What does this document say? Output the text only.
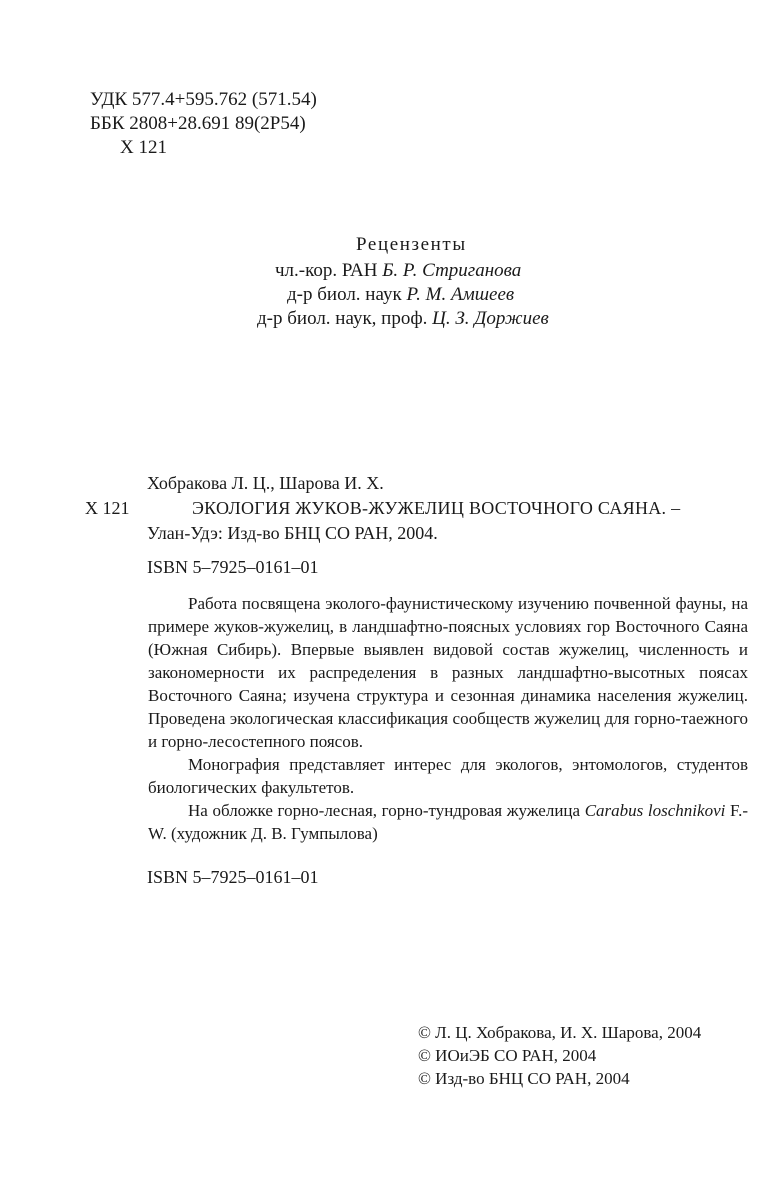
УДК 577.4+595.762 (571.54)
ББК 2808+28.691 89(2Р54)
Х 121
Рецензенты
чл.-кор. РАН Б. Р. Стриганова
д-р биол. наук Р. М. Амшеев
д-р биол. наук, проф. Ц. З. Доржиев
Хобракова Л. Ц., Шарова И. Х.
Х 121	ЭКОЛОГИЯ ЖУКОВ-ЖУЖЕЛИЦ ВОСТОЧНОГО САЯНА. –
Улан-Удэ: Изд-во БНЦ СО РАН, 2004.
ISBN 5–7925–0161–01

Работа посвящена эколого-фаунистическому изучению почвенной фауны, на примере жуков-жужелиц, в ландшафтно-поясных условиях гор Восточного Саяна (Южная Сибирь). Впервые выявлен видовой состав жужелиц, численность и закономерности их распределения в разных ландшафтно-высотных поясах Восточного Саяна; изучена структура и сезонная динамика населения жужелиц. Проведена экологическая классификация сообществ жужелиц для горно-таежного и горно-лесостепного поясов.

Монография представляет интерес для экологов, энтомологов, студентов биологических факультетов.

На обложке горно-лесная, горно-тундровая жужелица Carabus loschnikovi F.-W. (художник Д. В. Гумпылова)

ISBN 5–7925–0161–01
© Л. Ц. Хобракова, И. Х. Шарова, 2004
© ИОиЭБ СО РАН, 2004
© Изд-во БНЦ СО РАН, 2004
